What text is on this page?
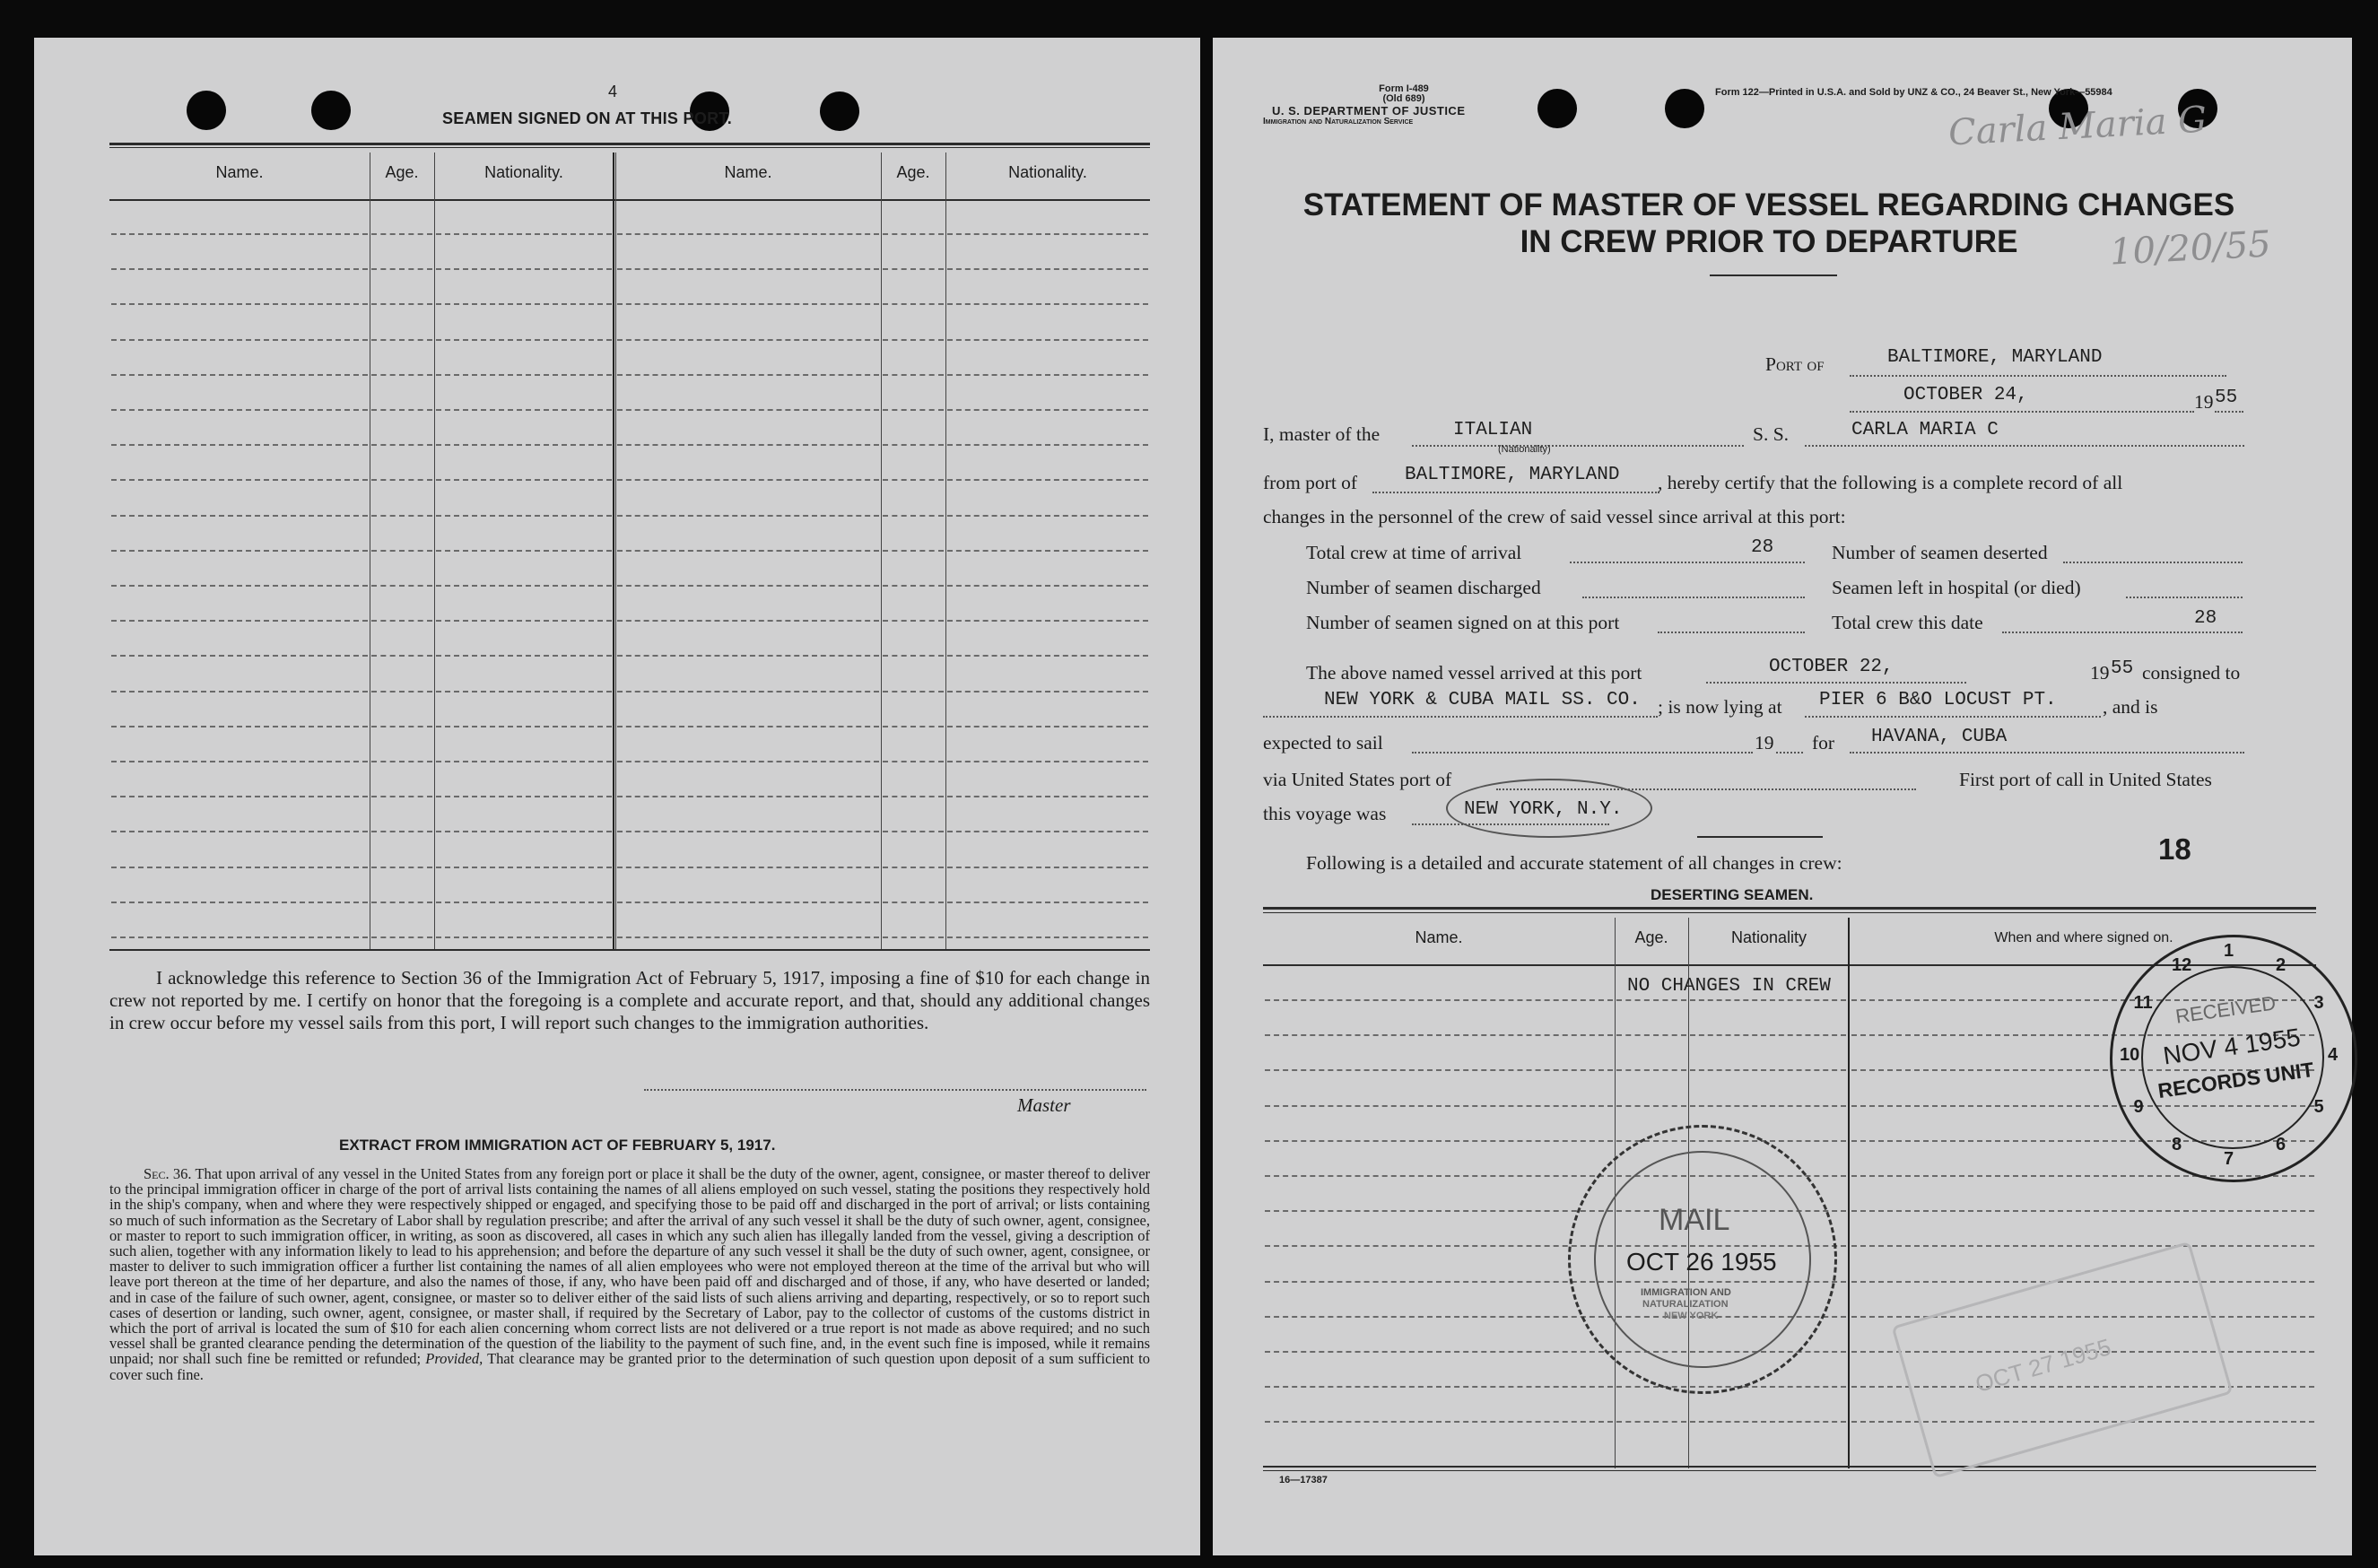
4
SEAMEN SIGNED ON AT THIS PORT.
Name.	Age.	Nationality.	Name.	Age.	Nationality.
I acknowledge this reference to Section 36 of the Immigration Act of February 5, 1917, imposing a fine of $10 for each change in crew not reported by me. I certify on honor that the foregoing is a complete and accurate report, and that, should any additional changes in crew occur before my vessel sails from this port, I will report such changes to the immigration authorities.
Master
EXTRACT FROM IMMIGRATION ACT OF FEBRUARY 5, 1917.
Sec. 36. That upon arrival of any vessel in the United States from any foreign port or place it shall be the duty of the owner, agent, consignee, or master thereof to deliver to the principal immigration officer in charge of the port of arrival lists containing the names of all aliens employed on such vessel, stating the positions they respectively hold in the ship's company, when and where they were respectively shipped or engaged, and specifying those to be paid off and discharged in the port of arrival; or lists containing so much of such information as the Secretary of Labor shall by regulation prescribe; and after the arrival of any such vessel it shall be the duty of such owner, agent, consignee, or master to report to such immigration officer, in writing, as soon as discovered, all cases in which any such alien has illegally landed from the vessel, giving a description of such alien, together with any information likely to lead to his apprehension; and before the departure of any such vessel it shall be the duty of such owner, agent, consignee, or master to deliver to such immigration officer a further list containing the names of all alien employees who were not employed thereon at the time of the arrival but who will leave port thereon at the time of her departure, and also the names of those, if any, who have been paid off and discharged and of those, if any, who have deserted or landed; and in case of the failure of such owner, agent, consignee, or master so to deliver either of the said lists of such aliens arriving and departing, respectively, or so to report such cases of desertion or landing, such owner, agent, consignee, or master shall, if required by the Secretary of Labor, pay to the collector of customs of the customs district in which the port of arrival is located the sum of $10 for each alien concerning whom correct lists are not delivered or a true report is not made as above required; and no such vessel shall be granted clearance pending the determination of the question of the liability to the payment of such fine, and, in the event such fine is imposed, while it remains unpaid; nor shall such fine be remitted or refunded; Provided, That clearance may be granted prior to the determination of such question upon deposit of a sum sufficient to cover such fine.
Form I-489
(Old 689)
U. S. DEPARTMENT OF JUSTICE
Immigration and Naturalization Service
Form 122—Printed in U.S.A. and Sold by UNZ & CO., 24 Beaver St., New York—55984
Carla Maria G
10/20/55
STATEMENT OF MASTER OF VESSEL REGARDING CHANGES
IN CREW PRIOR TO DEPARTURE
Port of	BALTIMORE, MARYLAND
OCTOBER 24,	19 55
I, master of the	ITALIAN
(Nationality)
S. S.	CARLA MARIA C
from port of	BALTIMORE, MARYLAND , hereby certify that the following is a complete record of all
changes in the personnel of the crew of said vessel since arrival at this port:
Total crew at time of arrival	28	Number of seamen deserted
Number of seamen discharged	Seamen left in hospital (or died)
Number of seamen signed on at this port	Total crew this date	28
The above named vessel arrived at this port	OCTOBER 22,	19 55 consigned to
NEW YORK & CUBA MAIL SS. CO. ; is now lying at PIER 6 B&O LOCUST PT. , and is
expected to sail	19 for HAVANA, CUBA
via United States port of	First port of call in United States
this voyage was	NEW YORK, N.Y.
18
Following is a detailed and accurate statement of all changes in crew:
DESERTING SEAMEN.
Name.	Age.	Nationality	When and where signed on.
NO CHANGES IN CREW
16—17387
OCT 27 1955
1
2
3
4
5
6
7
8
9
10
11
12
RECEIVED
NOV 4 1955
RECORDS UNIT
MAIL
OCT 26 1955
IMMIGRATION AND
NATURALIZATION
NEW YORK
